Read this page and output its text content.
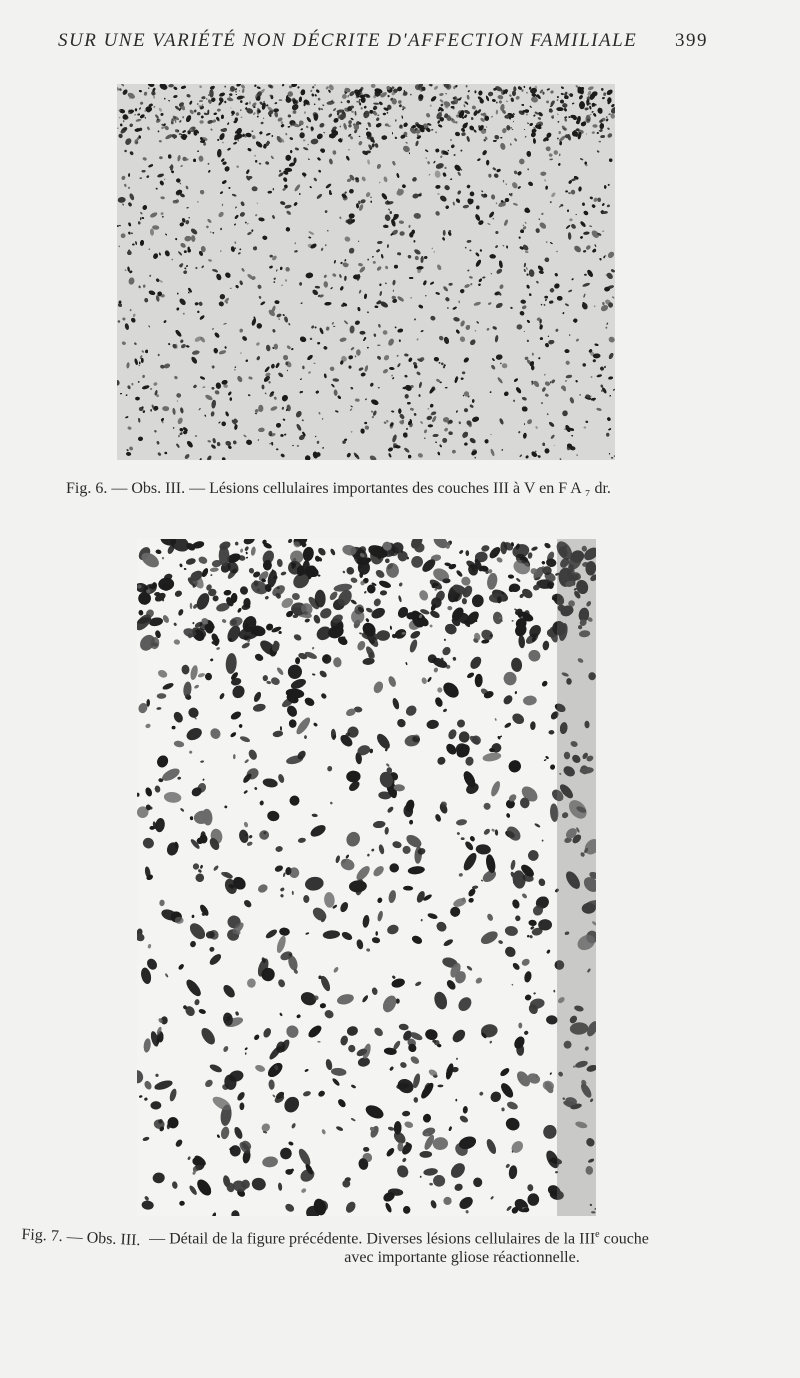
SUR UNE VARIÉTÉ NON DÉCRITE D'AFFECTION FAMILIALE 399
Fig. 6. — Obs. III. — Lésions cellulaires importantes des couches III à V en F A ₇ dr.
Fig. 7. — Obs. III. — Détail de la figure précédente. Diverses lésions cellulaires de la IIIe couche
avec importante gliose réactionnelle.
